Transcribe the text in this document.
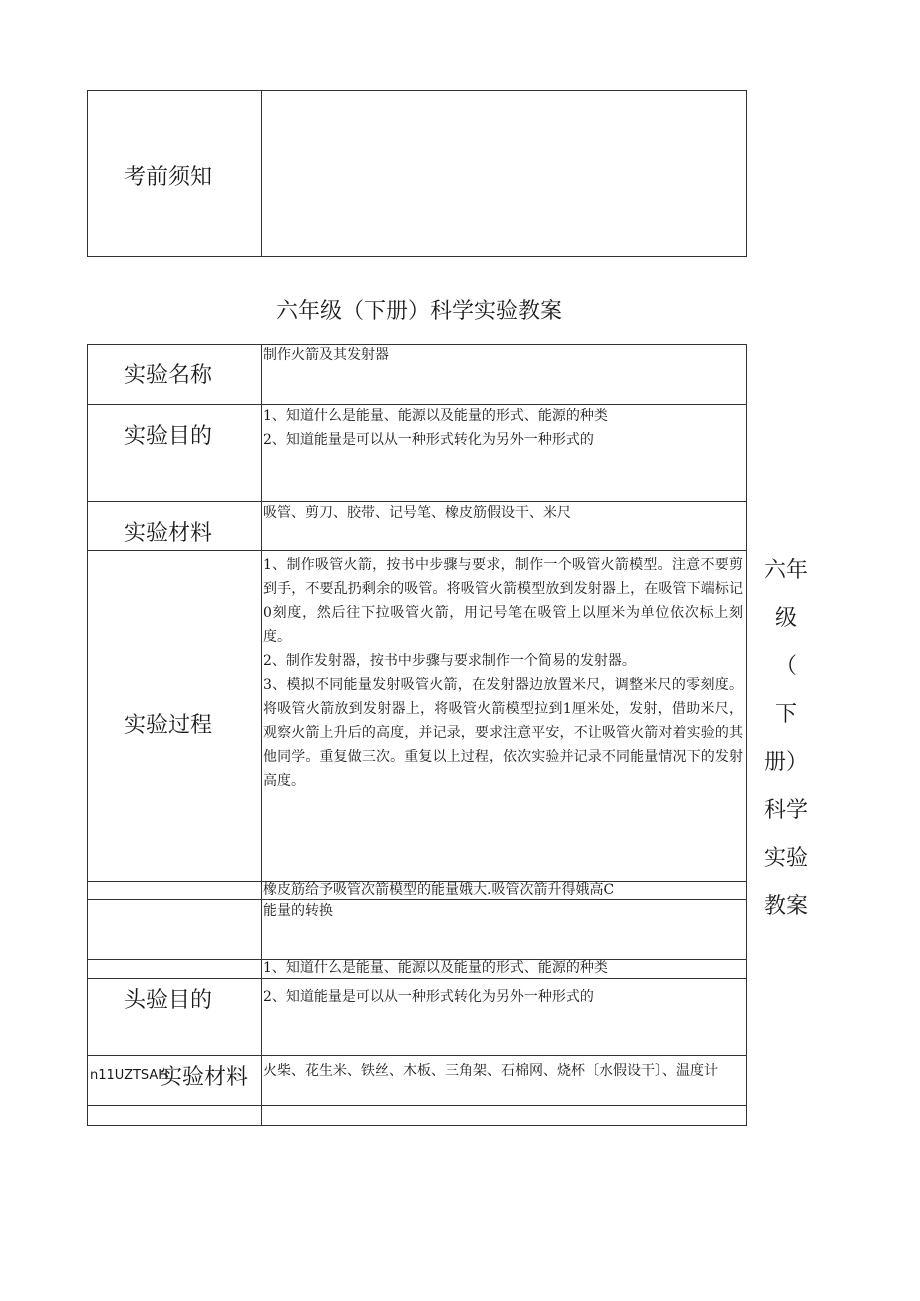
考前须知
六年级（下册）科学实验教案
实验名称
制作火箭及其发射器
实验目的
1、知道什么是能量、能源以及能量的形式、能源的种类
2、知道能量是可以从一种形式转化为另外一种形式的
实验材料
吸管、剪刀、胶带、记号笔、橡皮筋假设干、米尺
实验过程
1、制作吸管火箭，按书中步骤与要求，制作一个吸管火箭模型。注意不要剪到手，不要乱扔剩余的吸管。将吸管火箭模型放到发射器上，在吸管下端标记0刻度，然后往下拉吸管火箭，用记号笔在吸管上以厘米为单位依次标上刻度。
2、制作发射器，按书中步骤与要求制作一个简易的发射器。
3、模拟不同能量发射吸管火箭，在发射器边放置米尺，调整米尺的零刻度。将吸管火箭放到发射器上，将吸管火箭模型拉到1厘米处，发射，借助米尺，观察火箭上升后的高度，并记录，要求注意平安，不让吸管火箭对着实验的其他同学。重复做三次。重复以上过程，依次实验并记录不同能量情况下的发射高度。
橡皮筋给予吸管次箭模型的能量娥大.吸管次箭升得娥高C
能量的转换
1、知道什么是能量、能源以及能量的形式、能源的种类
头验目的	2、知道能量是可以从一种形式转化为另外一种形式的
n11UZTSAH
实验材料 火柴、花生米、铁丝、木板、三角架、石棉网、烧杯〔水假设干〕、温度计
六年
级
（
下
册）
科学
实验
教案
